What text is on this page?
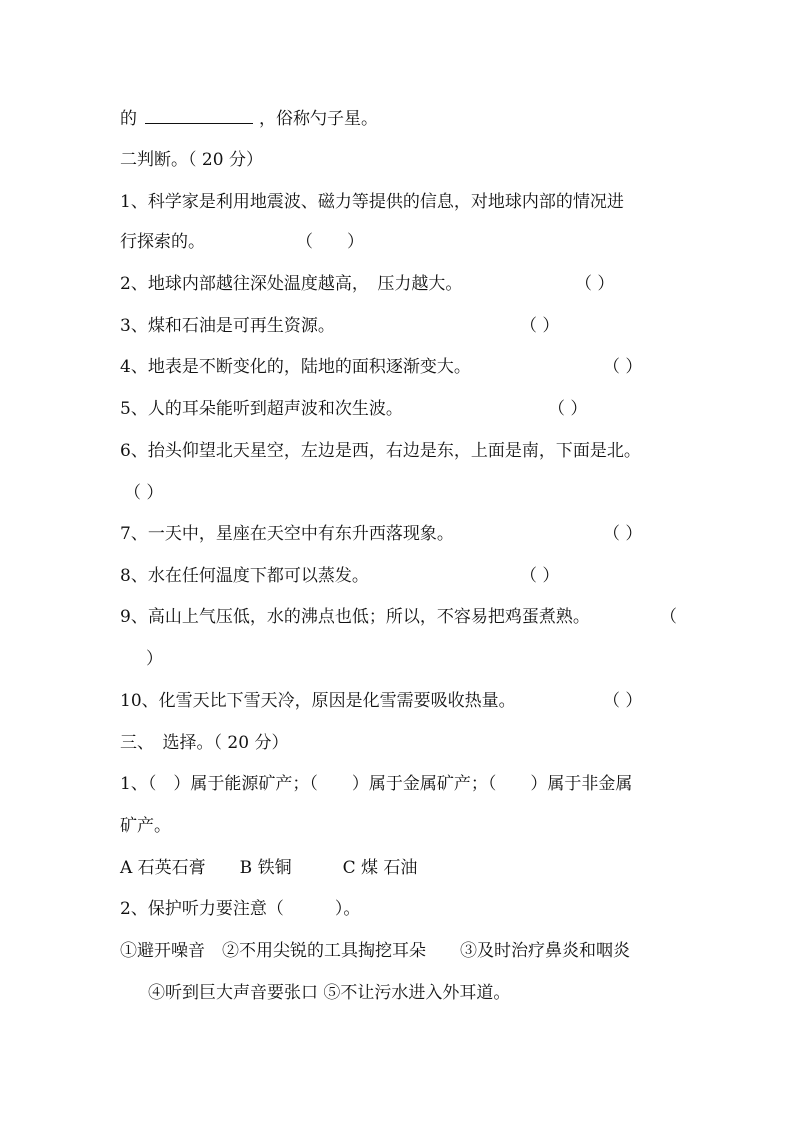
的	，俗称勺子星。
二判断。（ 20 分）
1、科学家是利用地震波、磁力等提供的信息，对地球内部的情况进
行探索的。	（　　）
2、地球内部越往深处温度越高，　压力越大。	（ ）
3、煤和石油是可再生资源。	（ ）
4、地表是不断变化的，陆地的面积逐渐变大。	（ ）
5、人的耳朵能听到超声波和次生波。	（ ）
6、抬头仰望北天星空，左边是西，右边是东，上面是南，下面是北。
（ ）
7、一天中，星座在天空中有东升西落现象。	（ ）
8、水在任何温度下都可以蒸发。	（ ）
9、高山上气压低，水的沸点也低；所以，不容易把鸡蛋煮熟。	（
）
10、化雪天比下雪天冷，原因是化雪需要吸收热量。	（ ）
三、　选择。（ 20 分）
1、（　）属于能源矿产；（　　）属于金属矿产；（　　）属于非金属
矿产。
A 石英石膏　　B 铁铜　　　C 煤 石油
2、保护听力要注意（　　　）。
①避开噪音　②不用尖锐的工具掏挖耳朵　　③及时治疗鼻炎和咽炎
④听到巨大声音要张口 ⑤不让污水进入外耳道。
